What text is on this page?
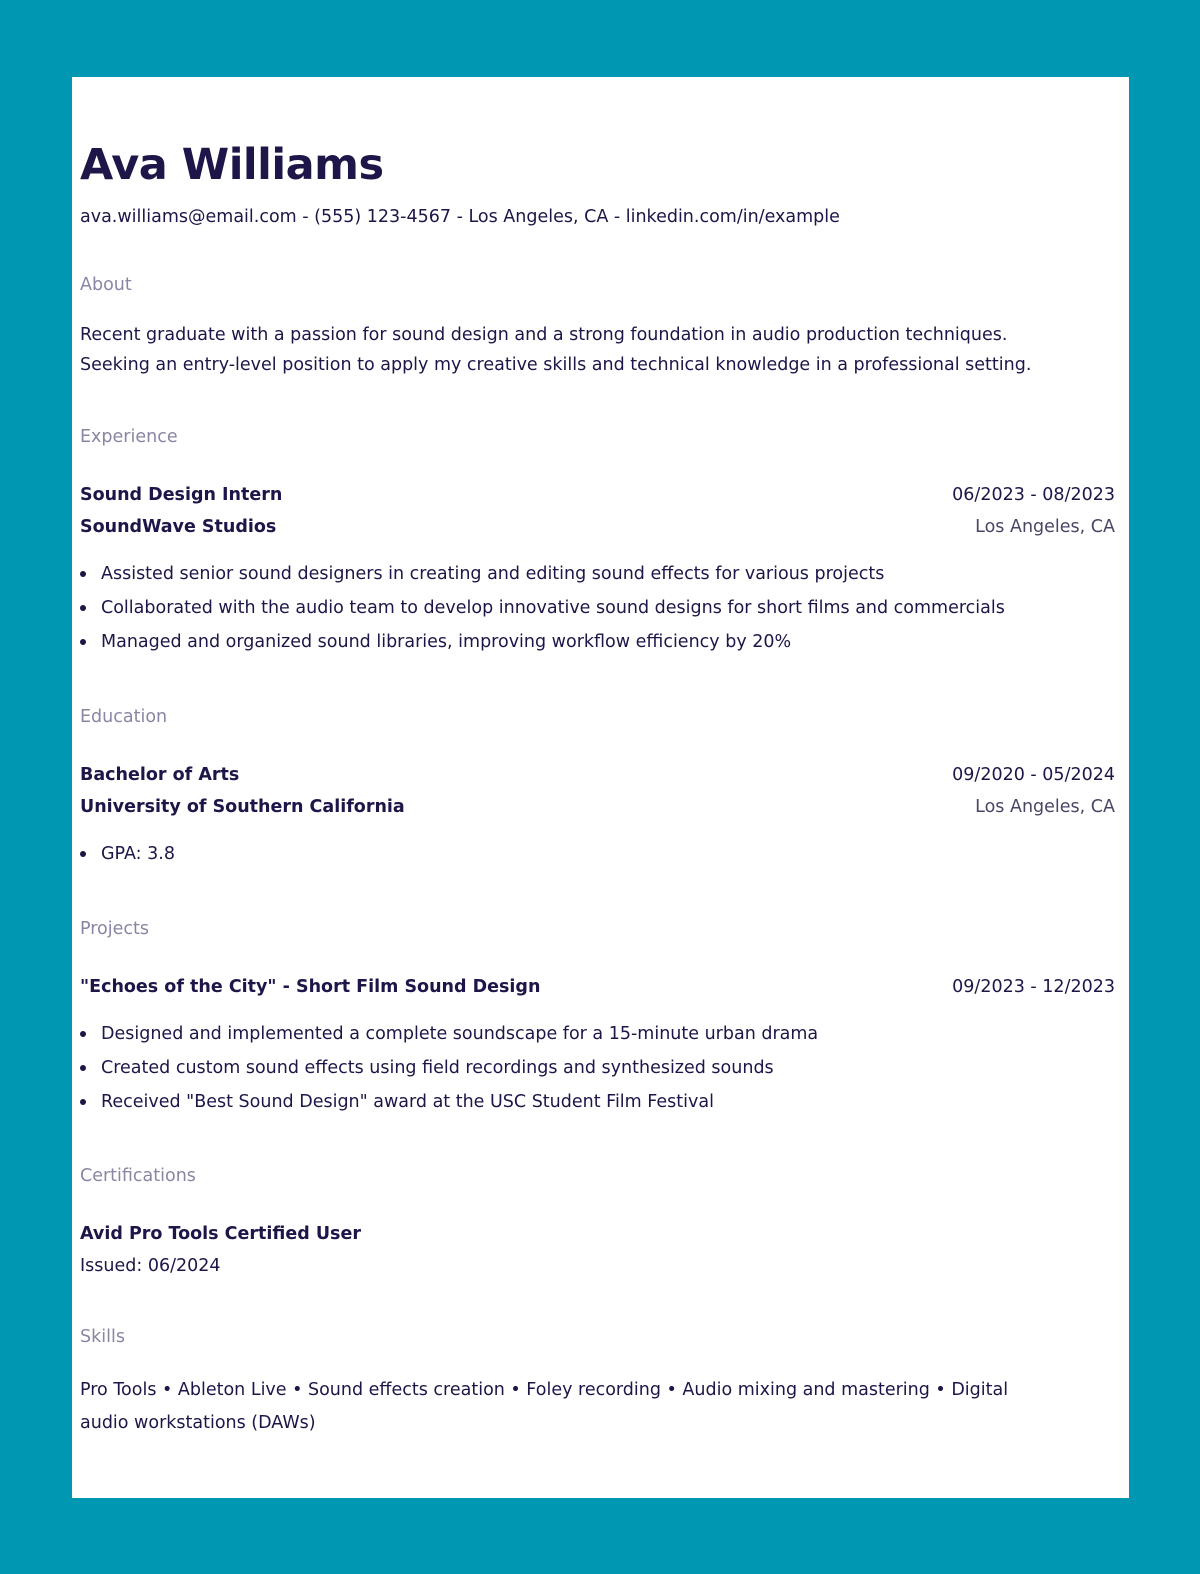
Ava Williams
ava.williams@email.com - (555) 123-4567 - Los Angeles, CA - linkedin.com/in/example
About
Recent graduate with a passion for sound design and a strong foundation in audio production techniques.
Seeking an entry-level position to apply my creative skills and technical knowledge in a professional setting.
Experience
Sound Design Intern	06/2023 - 08/2023
SoundWave Studios	Los Angeles, CA
Assisted senior sound designers in creating and editing sound effects for various projects
Collaborated with the audio team to develop innovative sound designs for short films and commercials
Managed and organized sound libraries, improving workflow efficiency by 20%
Education
Bachelor of Arts	09/2020 - 05/2024
University of Southern California	Los Angeles, CA
GPA: 3.8
Projects
"Echoes of the City" - Short Film Sound Design	09/2023 - 12/2023
Designed and implemented a complete soundscape for a 15-minute urban drama
Created custom sound effects using field recordings and synthesized sounds
Received "Best Sound Design" award at the USC Student Film Festival
Certifications
Avid Pro Tools Certified User
Issued: 06/2024
Skills
Pro Tools • Ableton Live • Sound effects creation • Foley recording • Audio mixing and mastering • Digital
audio workstations (DAWs)
